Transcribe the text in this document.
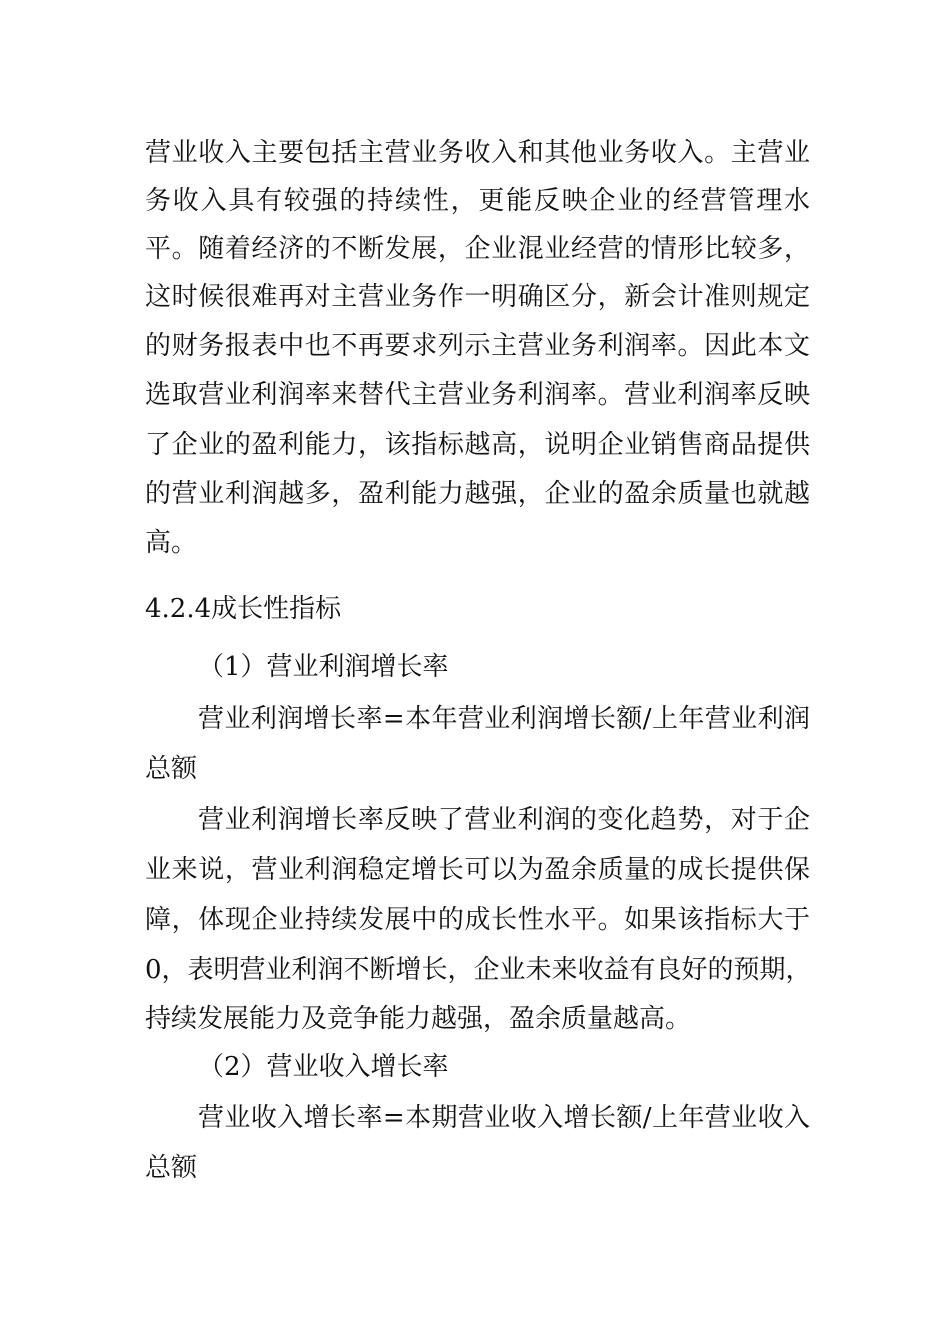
营业收入主要包括主营业务收入和其他业务收入。主营业
务收入具有较强的持续性，更能反映企业的经营管理水
平。随着经济的不断发展，企业混业经营的情形比较多，
这时候很难再对主营业务作一明确区分，新会计准则规定
的财务报表中也不再要求列示主营业务利润率。因此本文
选取营业利润率来替代主营业务利润率。营业利润率反映
了企业的盈利能力，该指标越高，说明企业销售商品提供
的营业利润越多，盈利能力越强，企业的盈余质量也就越
高。
4.2.4成长性指标
（1）营业利润增长率
营业利润增长率=本年营业利润增长额/上年营业利润
总额
营业利润增长率反映了营业利润的变化趋势，对于企
业来说，营业利润稳定增长可以为盈余质量的成长提供保
障，体现企业持续发展中的成长性水平。如果该指标大于
0，表明营业利润不断增长，企业未来收益有良好的预期，
持续发展能力及竞争能力越强，盈余质量越高。
（2）营业收入增长率
营业收入增长率=本期营业收入增长额/上年营业收入
总额
